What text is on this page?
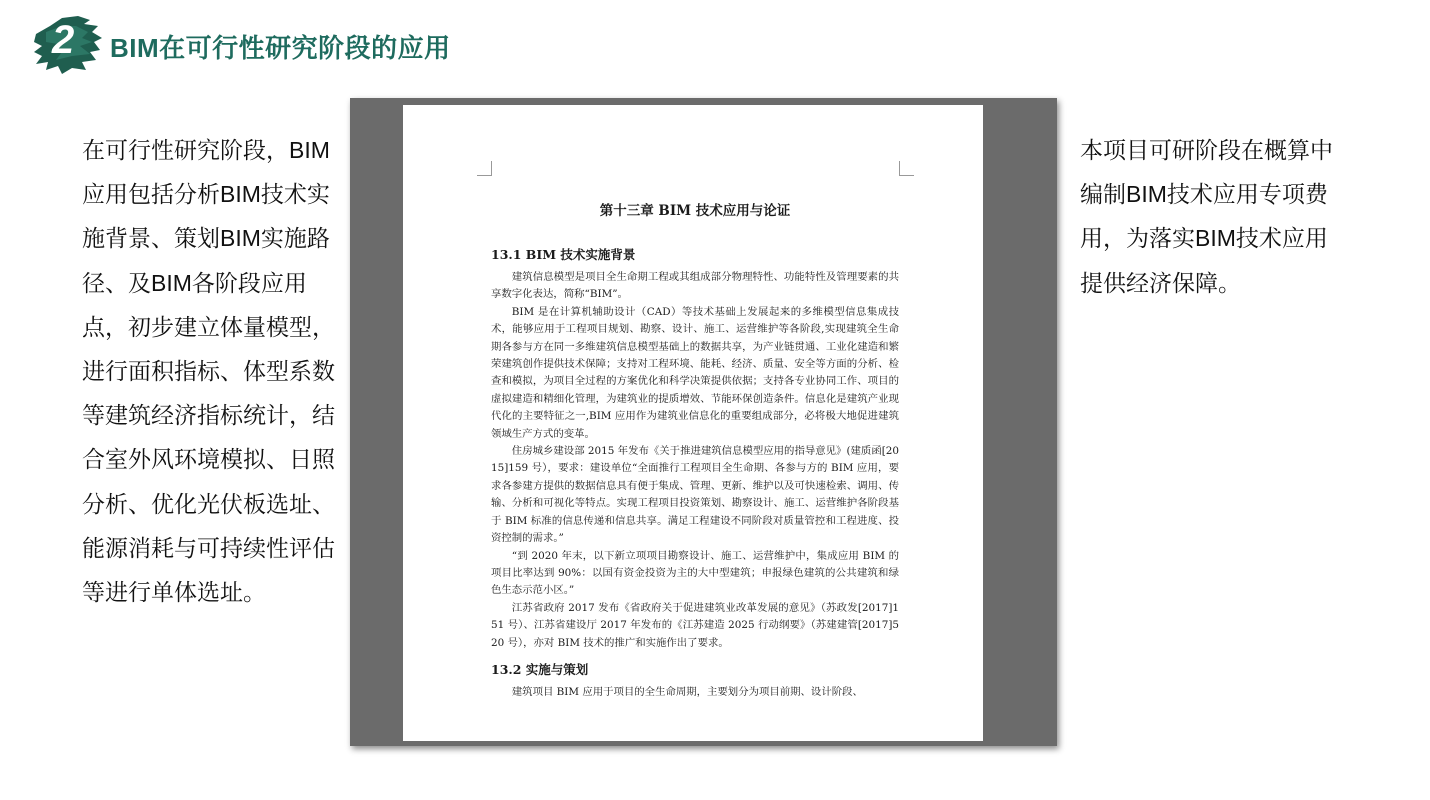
2 BIM在可行性研究阶段的应用
在可行性研究阶段，BIM应用包括分析BIM技术实施背景、策划BIM实施路径、及BIM各阶段应用点，初步建立体量模型，进行面积指标、体型系数等建筑经济指标统计，结合室外风环境模拟、日照分析、优化光伏板选址、能源消耗与可持续性评估等进行单体选址。

第十三章 BIM 技术应用与论证

13.1 BIM 技术实施背景

建筑信息模型是项目全生命期工程或其组成部分物理特性、功能特性及管理要素的共享数字化表达，简称“BIM”。

BIM 是在计算机辅助设计（CAD）等技术基础上发展起来的多维模型信息集成技术，能够应用于工程项目规划、勘察、设计、施工、运营维护等各阶段,实现建筑全生命期各参与方在同一多维建筑信息模型基础上的数据共享，为产业链贯通、工业化建造和繁荣建筑创作提供技术保障；支持对工程环境、能耗、经济、质量、安全等方面的分析、检查和模拟，为项目全过程的方案优化和科学决策提供依据；支持各专业协同工作、项目的虚拟建造和精细化管理，为建筑业的提质增效、节能环保创造条件。信息化是建筑产业现代化的主要特征之一,BIM 应用作为建筑业信息化的重要组成部分，必将极大地促进建筑领域生产方式的变革。

住房城乡建设部 2015 年发布《关于推进建筑信息模型应用的指导意见》(建质函[2015]159 号），要求：建设单位“全面推行工程项目全生命期、各参与方的 BIM 应用，要求各参建方提供的数据信息具有便于集成、管理、更新、维护以及可快速检索、调用、传输、分析和可视化等特点。实现工程项目投资策划、勘察设计、施工、运营维护各阶段基于 BIM 标准的信息传递和信息共享。满足工程建设不同阶段对质量管控和工程进度、投资控制的需求。”

“到 2020 年末，以下新立项项目勘察设计、施工、运营维护中，集成应用 BIM 的项目比率达到 90%：以国有资金投资为主的大中型建筑；申报绿色建筑的公共建筑和绿色生态示范小区。”

江苏省政府 2017 发布《省政府关于促进建筑业改革发展的意见》（苏政发[2017]151 号）、江苏省建设厅 2017 年发布的《江苏建造 2025 行动纲要》（苏建建管[2017]520 号），亦对 BIM 技术的推广和实施作出了要求。

13.2 实施与策划

建筑项目 BIM 应用于项目的全生命周期，主要划分为项目前期、设计阶段、

本项目可研阶段在概算中编制BIM技术应用专项费用，为落实BIM技术应用提供经济保障。
